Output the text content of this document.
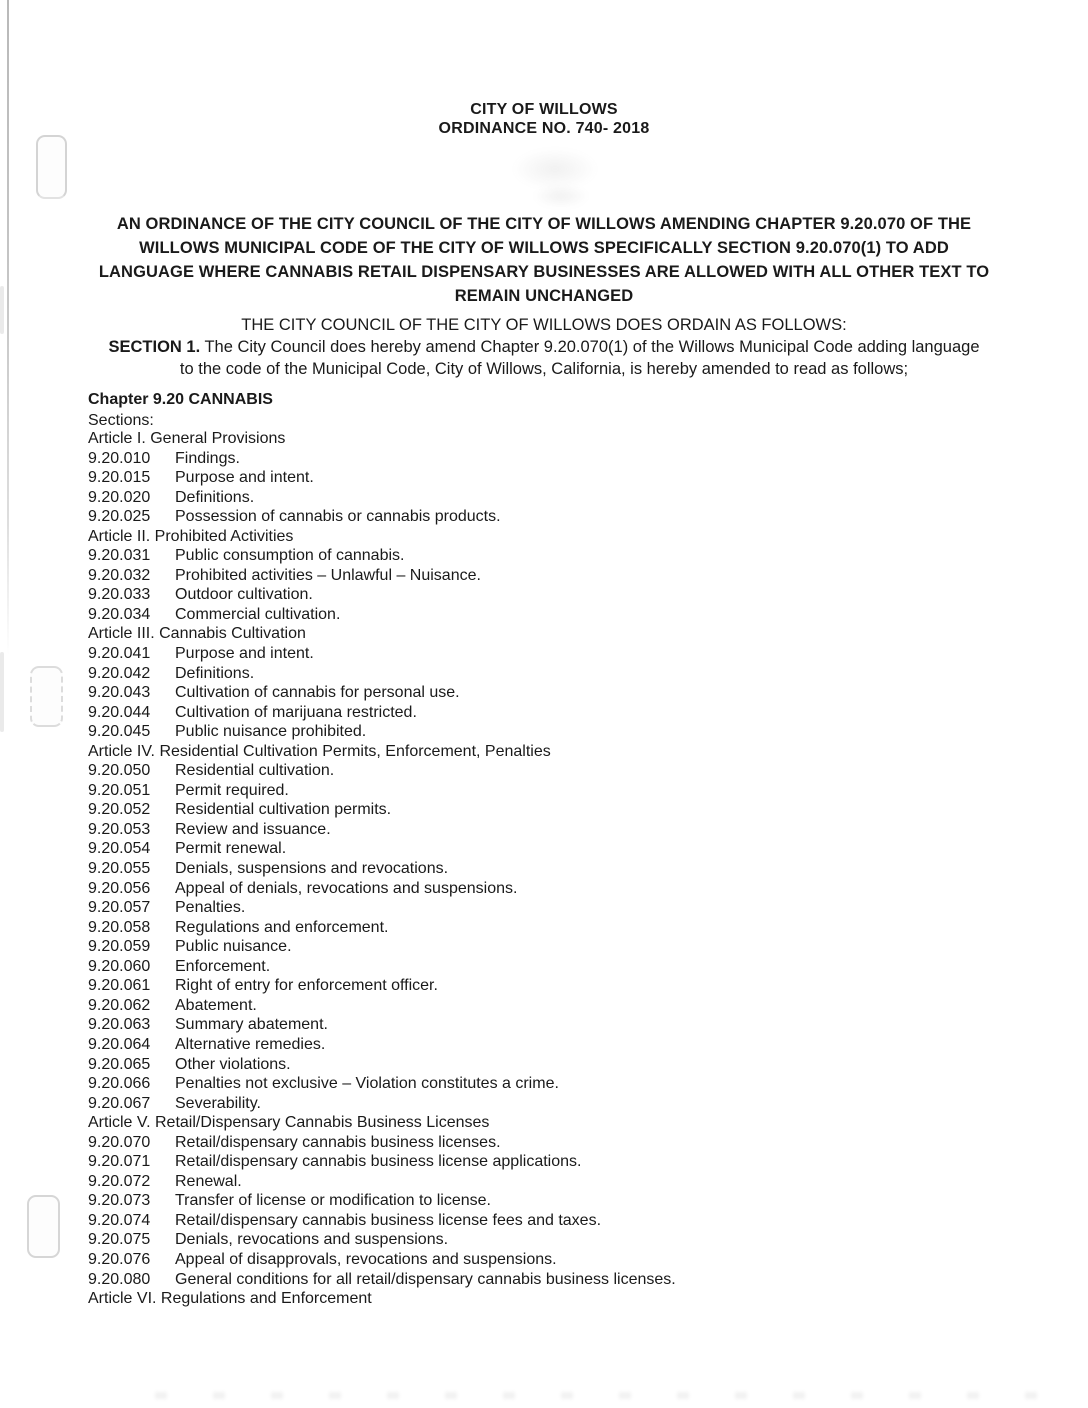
CITY OF WILLOWS
ORDINANCE NO. 740- 2018
AN ORDINANCE OF THE CITY COUNCIL OF THE CITY OF WILLOWS AMENDING CHAPTER 9.20.070 OF THE
WILLOWS MUNICIPAL CODE OF THE CITY OF WILLOWS SPECIFICALLY SECTION 9.20.070(1) TO ADD
LANGUAGE WHERE CANNABIS RETAIL DISPENSARY BUSINESSES ARE ALLOWED WITH ALL OTHER TEXT TO
REMAIN UNCHANGED
THE CITY COUNCIL OF THE CITY OF WILLOWS DOES ORDAIN AS FOLLOWS:
SECTION 1. The City Council does hereby amend Chapter 9.20.070(1) of the Willows Municipal Code adding language
to the code of the Municipal Code, City of Willows, California, is hereby amended to read as follows;
Chapter 9.20 CANNABIS
Sections:
Article I. General Provisions
9.20.010 Findings.
9.20.015 Purpose and intent.
9.20.020 Definitions.
9.20.025 Possession of cannabis or cannabis products.
Article II. Prohibited Activities
9.20.031 Public consumption of cannabis.
9.20.032 Prohibited activities – Unlawful – Nuisance.
9.20.033 Outdoor cultivation.
9.20.034 Commercial cultivation.
Article III. Cannabis Cultivation
9.20.041 Purpose and intent.
9.20.042 Definitions.
9.20.043 Cultivation of cannabis for personal use.
9.20.044 Cultivation of marijuana restricted.
9.20.045 Public nuisance prohibited.
Article IV. Residential Cultivation Permits, Enforcement, Penalties
9.20.050 Residential cultivation.
9.20.051 Permit required.
9.20.052 Residential cultivation permits.
9.20.053 Review and issuance.
9.20.054 Permit renewal.
9.20.055 Denials, suspensions and revocations.
9.20.056 Appeal of denials, revocations and suspensions.
9.20.057 Penalties.
9.20.058 Regulations and enforcement.
9.20.059 Public nuisance.
9.20.060 Enforcement.
9.20.061 Right of entry for enforcement officer.
9.20.062 Abatement.
9.20.063 Summary abatement.
9.20.064 Alternative remedies.
9.20.065 Other violations.
9.20.066 Penalties not exclusive – Violation constitutes a crime.
9.20.067 Severability.
Article V. Retail/Dispensary Cannabis Business Licenses
9.20.070 Retail/dispensary cannabis business licenses.
9.20.071 Retail/dispensary cannabis business license applications.
9.20.072 Renewal.
9.20.073 Transfer of license or modification to license.
9.20.074 Retail/dispensary cannabis business license fees and taxes.
9.20.075 Denials, revocations and suspensions.
9.20.076 Appeal of disapprovals, revocations and suspensions.
9.20.080 General conditions for all retail/dispensary cannabis business licenses.
Article VI. Regulations and Enforcement
